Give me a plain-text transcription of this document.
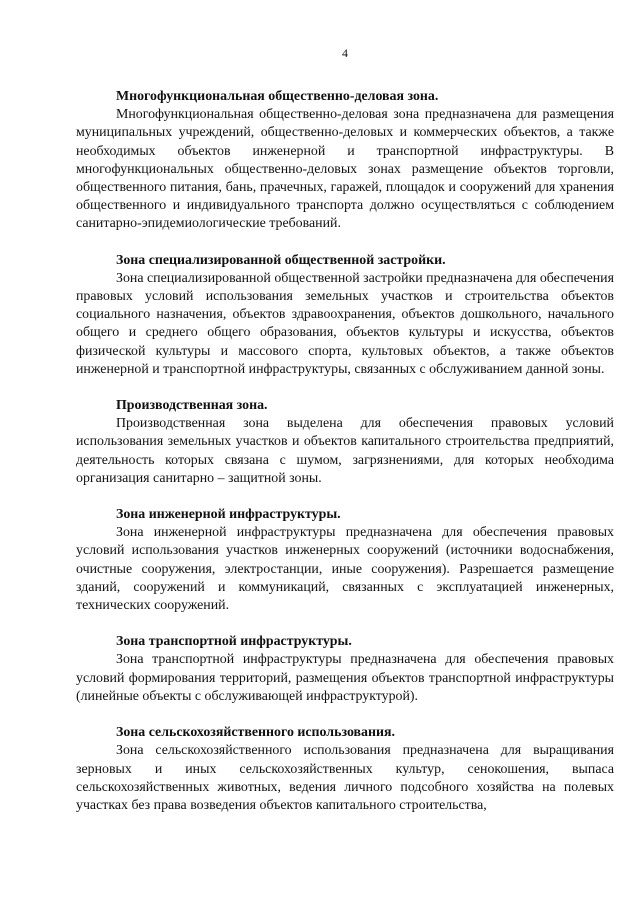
4

Многофункциональная общественно-деловая зона.

Многофункциональная общественно-деловая зона предназначена для размещения муниципальных учреждений, общественно-деловых и коммерческих объектов, а также необходимых объектов инженерной и транспортной инфраструктуры. В многофункциональных общественно-деловых зонах размещение объектов торговли, общественного питания, бань, прачечных, гаражей, площадок и сооружений для хранения общественного и индивидуального транспорта должно осуществляться с соблюдением санитарно-эпидемиологические требований.

Зона специализированной общественной застройки.

Зона специализированной общественной застройки предназначена для обеспечения правовых условий использования земельных участков и строительства объектов социального назначения, объектов здравоохранения, объектов дошкольного, начального общего и среднего общего образования, объектов культуры и искусства, объектов физической культуры и массового спорта, культовых объектов, а также объектов инженерной и транспортной инфраструктуры, связанных с обслуживанием данной зоны.

Производственная зона.

Производственная зона выделена для обеспечения правовых условий использования земельных участков и объектов капитального строительства предприятий, деятельность которых связана с шумом, загрязнениями, для которых необходима организация санитарно – защитной зоны.

Зона инженерной инфраструктуры.

Зона инженерной инфраструктуры предназначена для обеспечения правовых условий использования участков инженерных сооружений (источники водоснабжения, очистные сооружения, электростанции, иные сооружения). Разрешается размещение зданий, сооружений и коммуникаций, связанных с эксплуатацией инженерных, технических сооружений.

Зона транспортной инфраструктуры.

Зона транспортной инфраструктуры предназначена для обеспечения правовых условий формирования территорий, размещения объектов транспортной инфраструктуры (линейные объекты с обслуживающей инфраструктурой).

Зона сельскохозяйственного использования.

Зона сельскохозяйственного использования предназначена для выращивания зерновых и иных сельскохозяйственных культур, сенокошения, выпаса сельскохозяйственных животных, ведения личного подсобного хозяйства на полевых участках без права возведения объектов капитального строительства,
